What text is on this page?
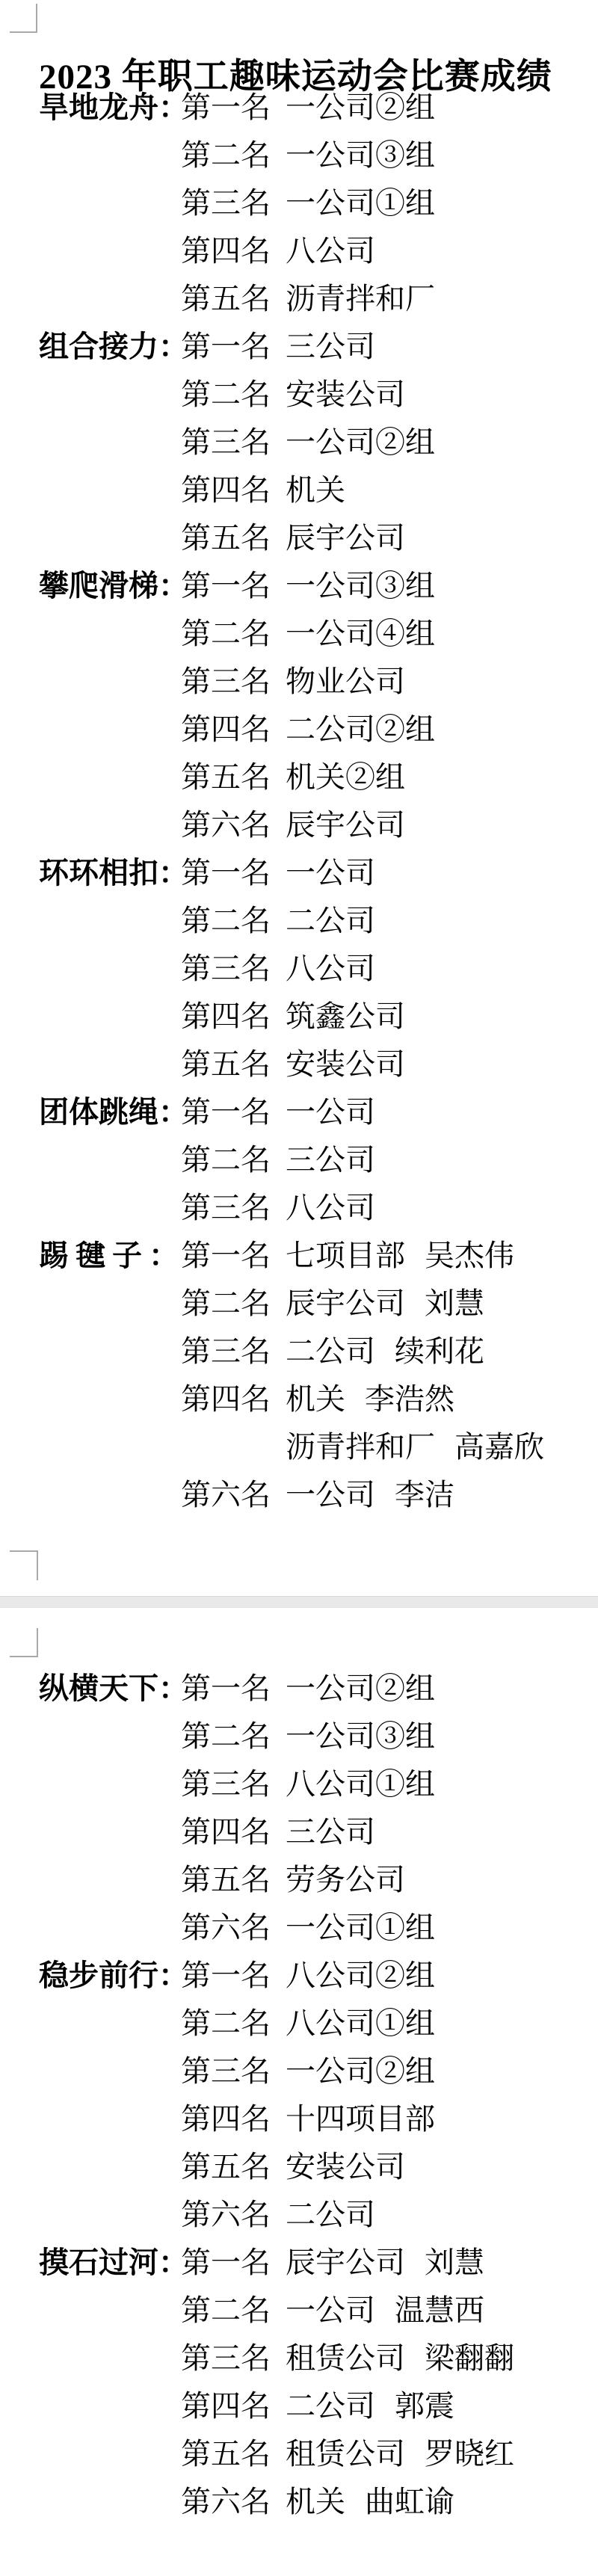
2023 年职工趣味运动会比赛成绩
旱地龙舟：
第一名 一公司②组
第二名 一公司③组
第三名 一公司①组
第四名 八公司
第五名 沥青拌和厂
组合接力：
第一名 三公司
第二名 安装公司
第三名 一公司②组
第四名 机关
第五名 辰宇公司
攀爬滑梯：
第一名 一公司③组
第二名 一公司④组
第三名 物业公司
第四名 二公司②组
第五名 机关②组
第六名 辰宇公司
环环相扣：
第一名 一公司
第二名 二公司
第三名 八公司
第四名 筑鑫公司
第五名 安装公司
团体跳绳：
第一名 一公司
第二名 三公司
第三名 八公司
踢毽子：
第一名 七项目部 吴杰伟
第二名 辰宇公司 刘慧
第三名 二公司 续利花
第四名 机关 李浩然
沥青拌和厂 高嘉欣
第六名 一公司 李洁
纵横天下：
第一名 一公司②组
第二名 一公司③组
第三名 八公司①组
第四名 三公司
第五名 劳务公司
第六名 一公司①组
稳步前行：
第一名 八公司②组
第二名 八公司①组
第三名 一公司②组
第四名 十四项目部
第五名 安装公司
第六名 二公司
摸石过河：
第一名 辰宇公司 刘慧
第二名 一公司 温慧西
第三名 租赁公司 梁翻翻
第四名 二公司 郭震
第五名 租赁公司 罗晓红
第六名 机关 曲虹谕
